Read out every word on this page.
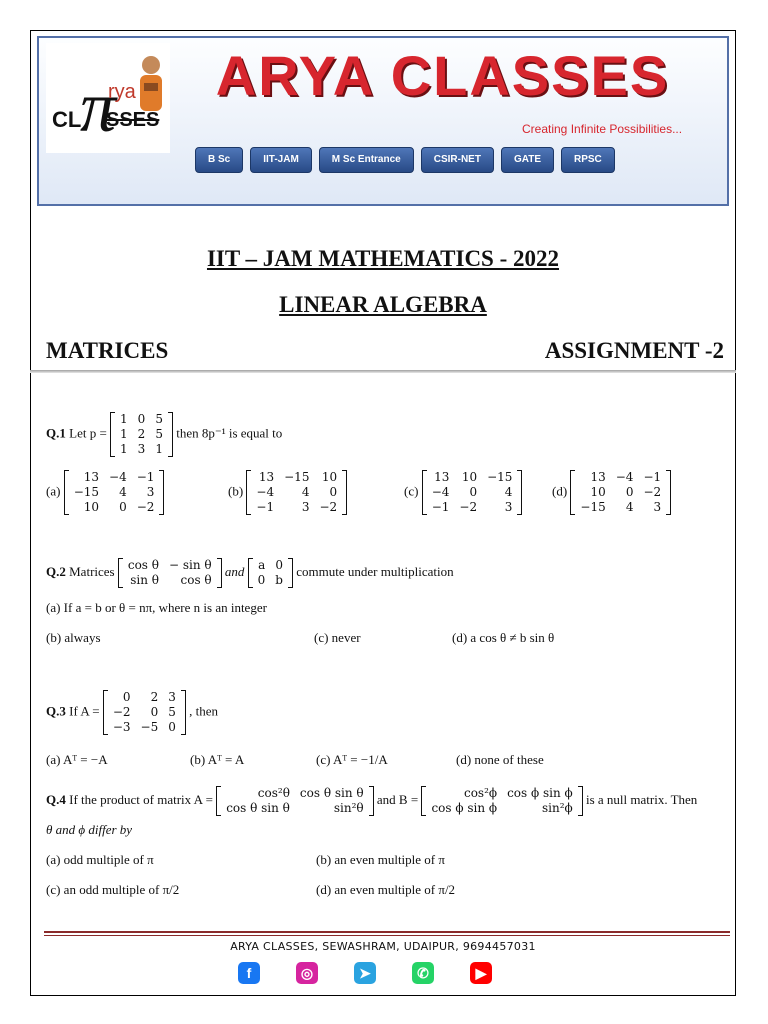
CL
π
rya
SSES
ARYA CLASSES
Creating Infinite Possibilities...
B Sc	IIT-JAM	M Sc Entrance	CSIR-NET	GATE	RPSC
IIT – JAM MATHEMATICS - 2022
LINEAR ALGEBRA
MATRICES	ASSIGNMENT -2
Q.1 Let p =
1	0	5
1	2	5
1	3	1
then 8p⁻¹ is equal to
(a)
13	−4	−1
−15	4	3
10	0	−2
(b)
13	−15	10
−4	4	0
−1	3	−2
(c)
13	10	−15
−4	0	4
−1	−2	3
(d)
13	−4	−1
10	0	−2
−15	4	3
Q.2 Matrices cos θ	− sin θ
sin θ	cos θ
and a	0
0	b
commute under multiplication
(a) If a = b or θ = nπ, where n is an integer
(b) always	(c) never	(d) a cos θ ≠ b sin θ
Q.3 If A =
0	2	3
−2	0	5
−3	−5	0
, then
(a) Aᵀ = −A	(b) Aᵀ = A	(c) Aᵀ = −1/A	(d) none of these
Q.4 If the product of matrix A =	cos²θ	cos θ sin θ
cos θ sin θ	sin²θ
and B =	cos²ϕ	cos ϕ sin ϕ
cos ϕ sin ϕ	sin²ϕ
is a null matrix. Then
θ and ϕ differ by
(a) odd multiple of π	(b) an even multiple of π
(c) an odd multiple of π/2	(d) an even multiple of π/2
ARYA CLASSES, SEWASHRAM, UDAIPUR, 9694457031
f	◎	➤	✆	▶
